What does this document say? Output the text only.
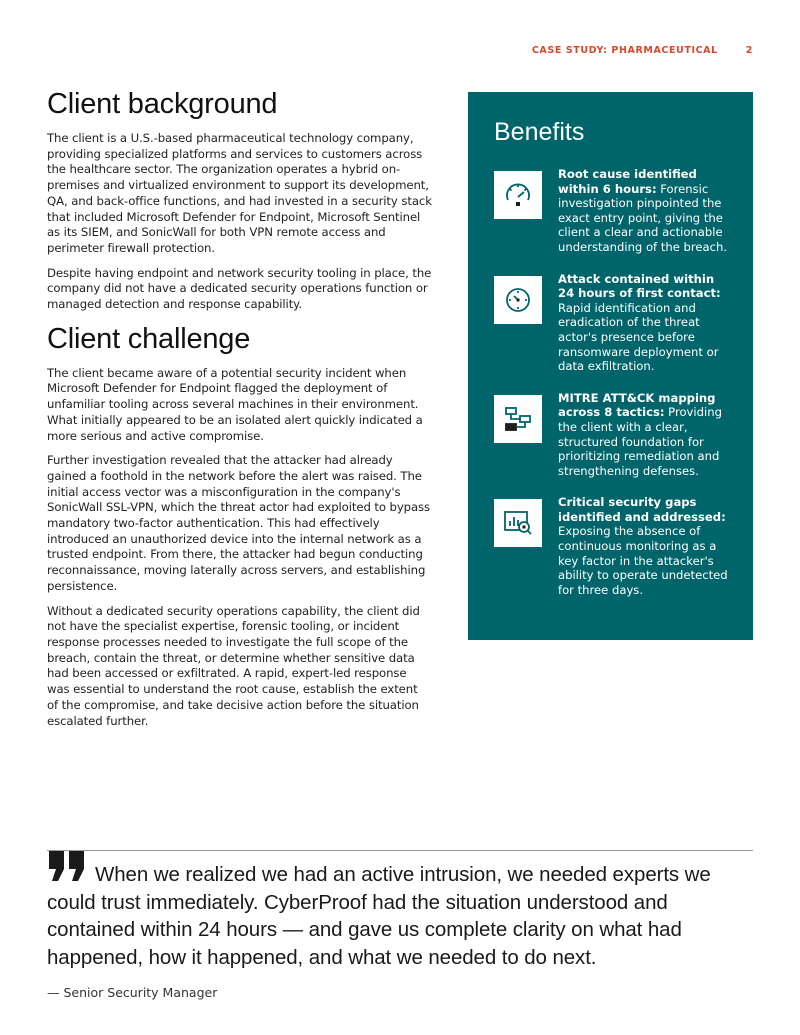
CASE STUDY: PHARMACEUTICAL	2
Client background

The client is a U.S.-based pharmaceutical technology company, providing specialized platforms and services to customers across the healthcare sector. The organization operates a hybrid on-premises and virtualized environment to support its development, QA, and back-office functions, and had invested in a security stack that included Microsoft Defender for Endpoint, Microsoft Sentinel as its SIEM, and SonicWall for both VPN remote access and perimeter firewall protection.

Despite having endpoint and network security tooling in place, the company did not have a dedicated security operations function or managed detection and response capability.

Client challenge

The client became aware of a potential security incident when Microsoft Defender for Endpoint flagged the deployment of unfamiliar tooling across several machines in their environment. What initially appeared to be an isolated alert quickly indicated a more serious and active compromise.

Further investigation revealed that the attacker had already gained a foothold in the network before the alert was raised. The initial access vector was a misconfiguration in the company's SonicWall SSL-VPN, which the threat actor had exploited to bypass mandatory two-factor authentication. This had effectively introduced an unauthorized device into the internal network as a trusted endpoint. From there, the attacker had begun conducting reconnaissance, moving laterally across servers, and establishing persistence.

Without a dedicated security operations capability, the client did not have the specialist expertise, forensic tooling, or incident response processes needed to investigate the full scope of the breach, contain the threat, or determine whether sensitive data had been accessed or exfiltrated. A rapid, expert-led response was essential to understand the root cause, establish the extent of the compromise, and take decisive action before the situation escalated further.

Benefits
Root cause identified within 6 hours: Forensic investigation pinpointed the exact entry point, giving the client a clear and actionable understanding of the breach.
Attack contained within 24 hours of first contact: Rapid identification and eradication of the threat actor's presence before ransomware deployment or data exfiltration.
MITRE ATT&CK mapping across 8 tactics: Providing the client with a clear, structured foundation for prioritizing remediation and strengthening defenses.
Critical security gaps identified and addressed: Exposing the absence of continuous monitoring as a key factor in the attacker's ability to operate undetected for three days.

When we realized we had an active intrusion, we needed experts we could trust immediately. CyberProof had the situation understood and contained within 24 hours — and gave us complete clarity on what had happened, how it happened, and what we needed to do next.

— Senior Security Manager
